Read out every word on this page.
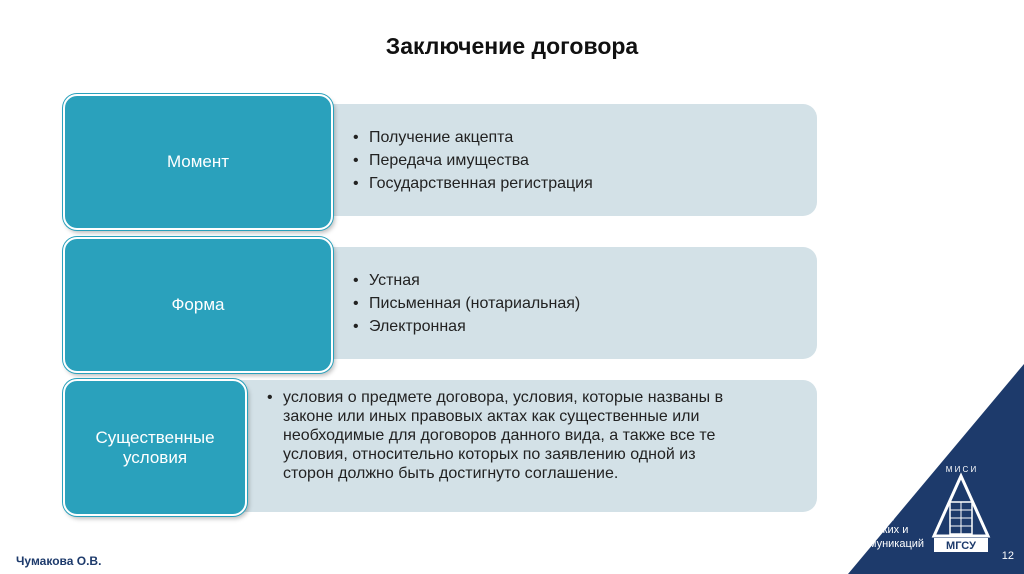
Заключение договора
Момент
• Получение акцепта
• Передача имущества
• Государственная регистрация
Форма
• Устная
• Письменная (нотариальная)
• Электронная
Существенные условия
• условия о предмете договора, условия, которые названы в законе или иных правовых актах как существенные или необходимые для договоров данного вида, а также все те условия, относительно которых по заявлению одной из сторон должно быть достигнуто соглашение.
Кафедра
Социальных,
психологических и
правовых коммуникаций
М И С И
МГСУ
12
Чумакова О.В.
